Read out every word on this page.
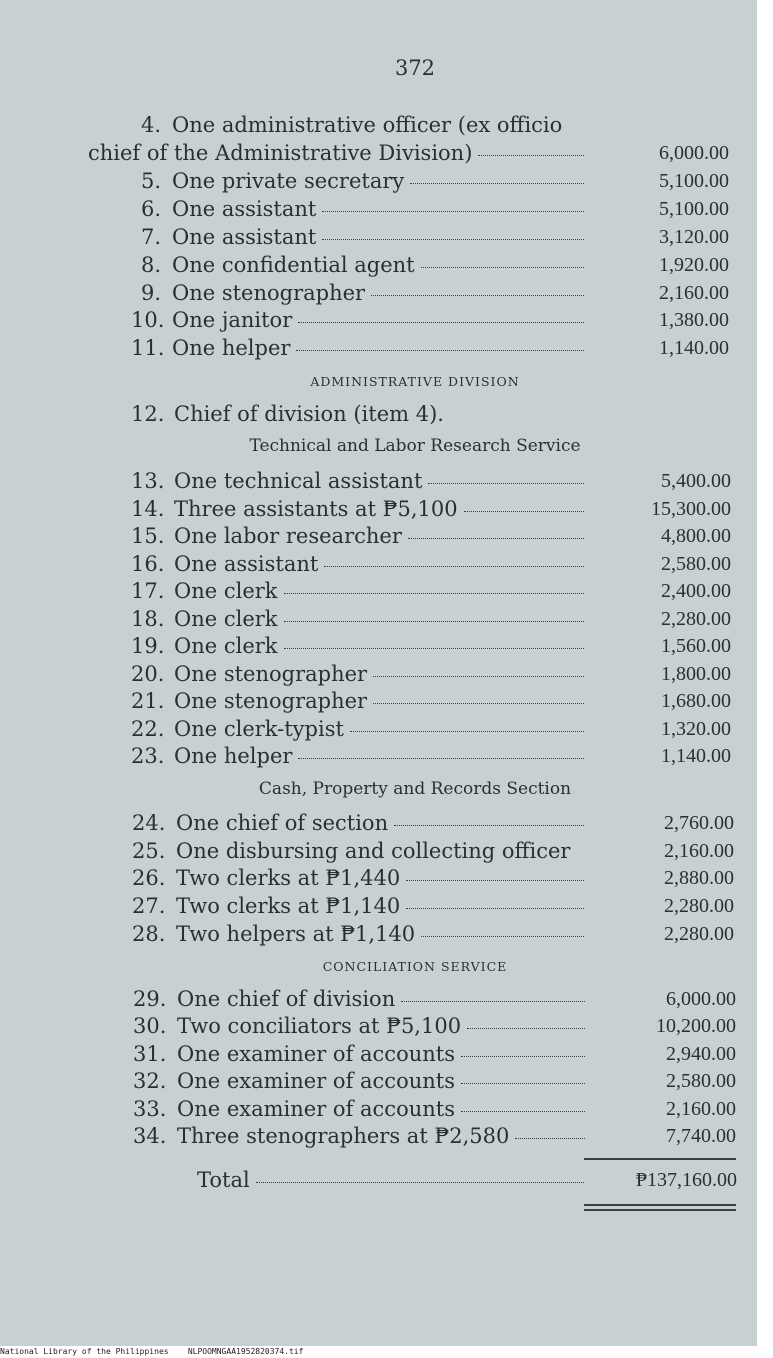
372
4. One administrative officer (ex officio
chief of the Administrative Division)	6,000.00
5. One private secretary	5,100.00
6. One assistant	5,100.00
7. One assistant	3,120.00
8. One confidential agent	1,920.00
9. One stenographer	2,160.00
10. One janitor	1,380.00
11. One helper	1,140.00
ADMINISTRATIVE DIVISION
12. Chief of division (item 4).
Technical and Labor Research Service
13. One technical assistant	5,400.00
14. Three assistants at ₱5,100	15,300.00
15. One labor researcher	4,800.00
16. One assistant	2,580.00
17. One clerk	2,400.00
18. One clerk	2,280.00
19. One clerk	1,560.00
20. One stenographer	1,800.00
21. One stenographer	1,680.00
22. One clerk-typist	1,320.00
23. One helper	1,140.00
Cash, Property and Records Section
24. One chief of section	2,760.00
25. One disbursing and collecting officer	2,160.00
26. Two clerks at ₱1,440	2,880.00
27. Two clerks at ₱1,140	2,280.00
28. Two helpers at ₱1,140	2,280.00
CONCILIATION SERVICE
29. One chief of division	6,000.00
30. Two conciliators at ₱5,100	10,200.00
31. One examiner of accounts	2,940.00
32. One examiner of accounts	2,580.00
33. One examiner of accounts	2,160.00
34. Three stenographers at ₱2,580	7,740.00
Total	₱137,160.00
National Library of the Philippines NLPOOMNGAA1952820374.tif
